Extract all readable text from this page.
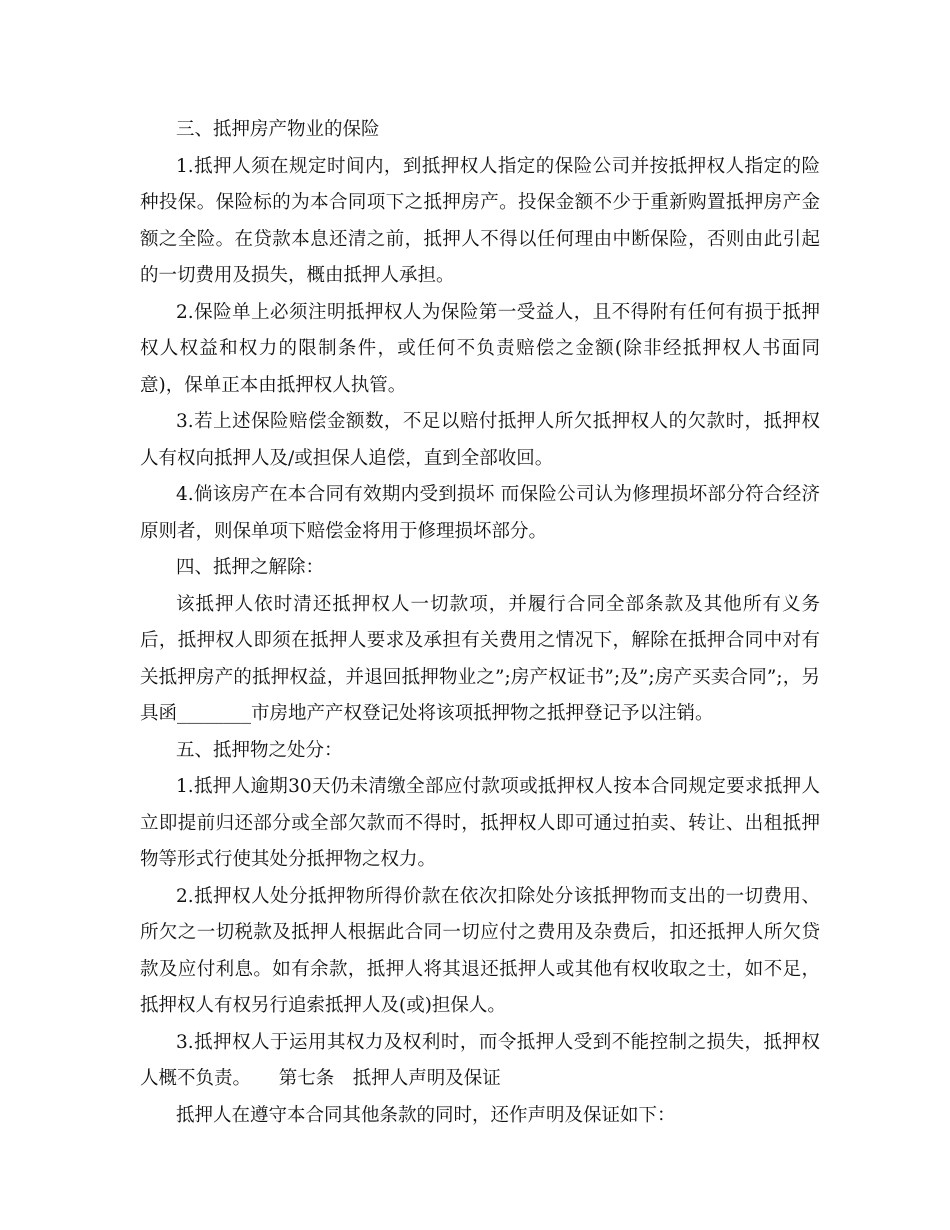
三、抵押房产物业的保险

1.抵押人须在规定时间内，到抵押权人指定的保险公司并按抵押权人指定的险种投保。保险标的为本合同项下之抵押房产。投保金额不少于重新购置抵押房产金额之全险。在贷款本息还清之前，抵押人不得以任何理由中断保险，否则由此引起的一切费用及损失，概由抵押人承担。

2.保险单上必须注明抵押权人为保险第一受益人，且不得附有任何有损于抵押权人权益和权力的限制条件，或任何不负责赔偿之金额(除非经抵押权人书面同意)，保单正本由抵押权人执管。

3.若上述保险赔偿金额数，不足以赔付抵押人所欠抵押权人的欠款时，抵押权人有权向抵押人及/或担保人追偿，直到全部收回。

4.倘该房产在本合同有效期内受到损坏 而保险公司认为修理损坏部分符合经济原则者，则保单项下赔偿金将用于修理损坏部分。

四、抵押之解除：

该抵押人依时清还抵押权人一切款项，并履行合同全部条款及其他所有义务后，抵押权人即须在抵押人要求及承担有关费用之情况下，解除在抵押合同中对有关抵押房产的抵押权益，并退回抵押物业之”;房产权证书”;及”;房产买卖合同”;，另具函________市房地产产权登记处将该项抵押物之抵押登记予以注销。

五、抵押物之处分：

1.抵押人逾期30天仍未清缴全部应付款项或抵押权人按本合同规定要求抵押人立即提前归还部分或全部欠款而不得时，抵押权人即可通过拍卖、转让、出租抵押物等形式行使其处分抵押物之权力。

2.抵押权人处分抵押物所得价款在依次扣除处分该抵押物而支出的一切费用、所欠之一切税款及抵押人根据此合同一切应付之费用及杂费后，扣还抵押人所欠贷款及应付利息。如有余款，抵押人将其退还抵押人或其他有权收取之士，如不足，抵押权人有权另行追索抵押人及(或)担保人。

3.抵押权人于运用其权力及权利时，而令抵押人受到不能控制之损失，抵押权人概不负责。　　第七条　抵押人声明及保证

抵押人在遵守本合同其他条款的同时，还作声明及保证如下：
